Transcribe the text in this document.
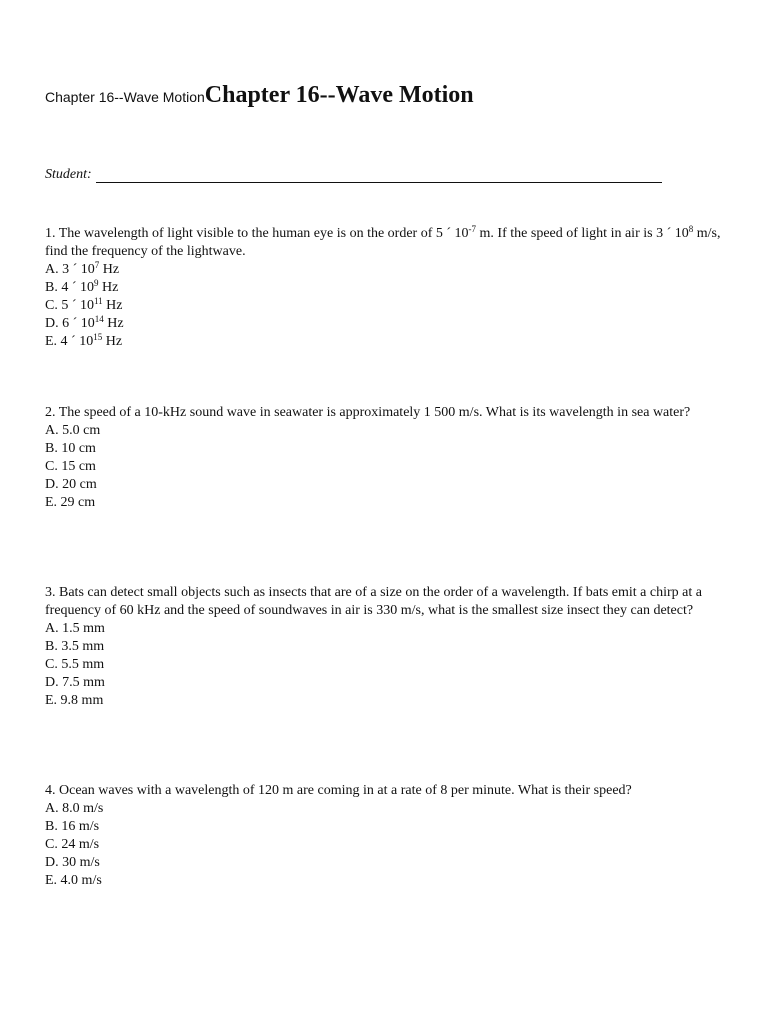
Chapter 16--Wave MotionChapter 16--Wave Motion
Student:

1. The wavelength of light visible to the human eye is on the order of 5 ´ $10^{-7}$ m. If the speed of light in air is 3 ´ $10^8$ m/s, find the frequency of the lightwave.

A. 3 ´ $10^7$ Hz
B. 4 ´ $10^9$ Hz
C. 5 ´ $10^{11}$ Hz
D. 6 ´ $10^{14}$ Hz
E. 4 ´ $10^{15}$ Hz

2. The speed of a 10-kHz sound wave in seawater is approximately 1 500 m/s. What is its wavelength in sea water?

A. 5.0 cm
B. 10 cm
C. 15 cm
D. 20 cm
E. 29 cm

3. Bats can detect small objects such as insects that are of a size on the order of a wavelength. If bats emit a chirp at a frequency of 60 kHz and the speed of soundwaves in air is 330 m/s, what is the smallest size insect they can detect?

A. 1.5 mm
B. 3.5 mm
C. 5.5 mm
D. 7.5 mm
E. 9.8 mm

4. Ocean waves with a wavelength of 120 m are coming in at a rate of 8 per minute. What is their speed?

A. 8.0 m/s
B. 16 m/s
C. 24 m/s
D. 30 m/s
E. 4.0 m/s
